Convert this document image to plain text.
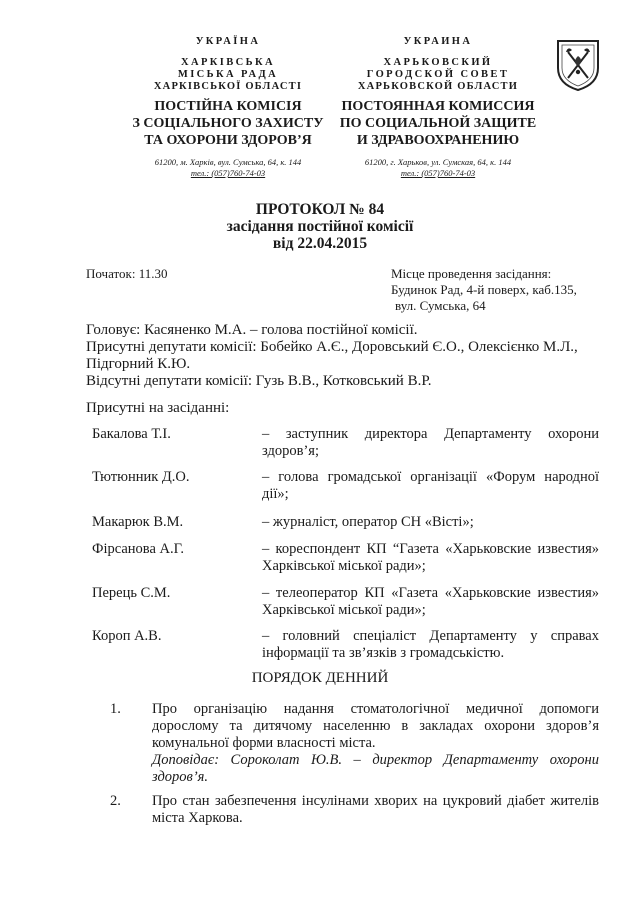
УКРАЇНА
ХАРКІВСЬКА
МІСЬКА РАДА
ХАРКІВСЬКОЇ ОБЛАСТІ
ПОСТІЙНА КОМІСІЯ
З СОЦІАЛЬНОГО ЗАХИСТУ
ТА ОХОРОНИ ЗДОРОВ’Я
61200, м. Харків, вул. Сумська, 64, к. 144
тел.: (057)760-74-03
УКРАИНА
ХАРЬКОВСКИЙ
ГОРОДСКОЙ СОВЕТ
ХАРЬКОВСКОЙ ОБЛАСТИ
ПОСТОЯННАЯ КОМИССИЯ
ПО СОЦИАЛЬНОЙ ЗАЩИТЕ
И ЗДРАВООХРАНЕНИЮ
61200, г. Харьков, ул. Сумская, 64, к. 144
тел.: (057)760-74-03
ПРОТОКОЛ № 84
засідання постійної комісії
від 22.04.2015
Початок: 11.30	Місце проведення засідання:
Будинок Рад, 4-й поверх, каб.135,
вул. Сумська, 64
Головує: Касяненко М.А. – голова постійної комісії.
Присутні депутати комісії: Бобейко А.Є., Доровський Є.О., Олексієнко М.Л.,
Підгорний К.Ю.
Відсутні депутати комісії: Гузь В.В., Котковський В.Р.
Присутні на засіданні:
Бакалова Т.І.	– заступник директора Департаменту охорони здоров’я;
Тютюнник Д.О.	– голова громадської організації «Форум народної дії»;
Макарюк В.М.	– журналіст, оператор СН «Вісті»;
Фірсанова А.Г.	– кореспондент КП “Газета «Харьковские известия» Харківської міської ради»;
Перець С.М.	– телеоператор КП «Газета «Харьковские известия» Харківської міської ради»;
Короп А.В.	– головний спеціаліст Департаменту у справах інформації та зв’язків з громадськістю.
ПОРЯДОК ДЕННИЙ
1. Про організацію надання стоматологічної медичної допомоги дорослому та дитячому населенню в закладах охорони здоров’я комунальної форми власності міста.
Доповідає: Сороколат Ю.В. – директор Департаменту охорони здоров’я.
2. Про стан забезпечення інсулінами хворих на цукровий діабет жителів міста Харкова.
